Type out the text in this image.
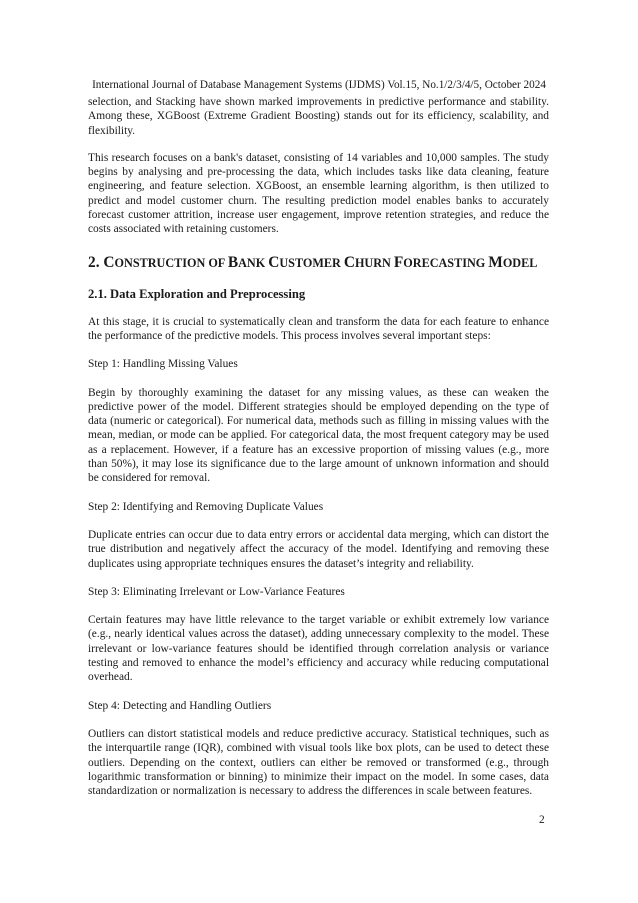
International Journal of Database Management Systems (IJDMS) Vol.15, No.1/2/3/4/5, October 2024

selection, and Stacking have shown marked improvements in predictive performance and stability. Among these, XGBoost (Extreme Gradient Boosting) stands out for its efficiency, scalability, and flexibility.

This research focuses on a bank's dataset, consisting of 14 variables and 10,000 samples. The study begins by analysing and pre-processing the data, which includes tasks like data cleaning, feature engineering, and feature selection. XGBoost, an ensemble learning algorithm, is then utilized to predict and model customer churn. The resulting prediction model enables banks to accurately forecast customer attrition, increase user engagement, improve retention strategies, and reduce the costs associated with retaining customers.

2. CONSTRUCTION OF BANK CUSTOMER CHURN FORECASTING MODEL
2.1. Data Exploration and Preprocessing

At this stage, it is crucial to systematically clean and transform the data for each feature to enhance the performance of the predictive models. This process involves several important steps:

Step 1: Handling Missing Values

Begin by thoroughly examining the dataset for any missing values, as these can weaken the predictive power of the model. Different strategies should be employed depending on the type of data (numeric or categorical). For numerical data, methods such as filling in missing values with the mean, median, or mode can be applied. For categorical data, the most frequent category may be used as a replacement. However, if a feature has an excessive proportion of missing values (e.g., more than 50%), it may lose its significance due to the large amount of unknown information and should be considered for removal.

Step 2: Identifying and Removing Duplicate Values

Duplicate entries can occur due to data entry errors or accidental data merging, which can distort the true distribution and negatively affect the accuracy of the model. Identifying and removing these duplicates using appropriate techniques ensures the dataset’s integrity and reliability.

Step 3: Eliminating Irrelevant or Low-Variance Features

Certain features may have little relevance to the target variable or exhibit extremely low variance (e.g., nearly identical values across the dataset), adding unnecessary complexity to the model. These irrelevant or low-variance features should be identified through correlation analysis or variance testing and removed to enhance the model’s efficiency and accuracy while reducing computational overhead.

Step 4: Detecting and Handling Outliers

Outliers can distort statistical models and reduce predictive accuracy. Statistical techniques, such as the interquartile range (IQR), combined with visual tools like box plots, can be used to detect these outliers. Depending on the context, outliers can either be removed or transformed (e.g., through logarithmic transformation or binning) to minimize their impact on the model. In some cases, data standardization or normalization is necessary to address the differences in scale between features.

2
